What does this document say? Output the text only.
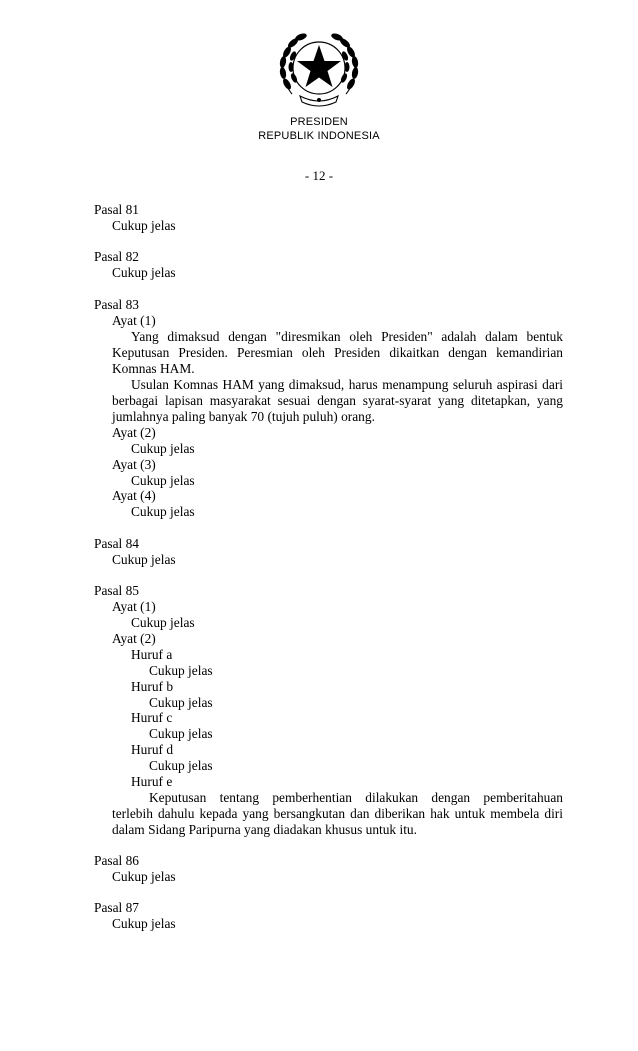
PRESIDEN
REPUBLIK INDONESIA
- 12 -
Pasal 81
Cukup jelas
Pasal 82
Cukup jelas
Pasal 83
Ayat (1)
Yang dimaksud dengan "diresmikan oleh Presiden" adalah dalam bentuk
Keputusan Presiden. Peresmian oleh Presiden dikaitkan dengan kemandirian
Komnas HAM.
Usulan Komnas HAM yang dimaksud, harus menampung seluruh aspirasi dari
berbagai lapisan masyarakat sesuai dengan syarat-syarat yang ditetapkan, yang
jumlahnya paling banyak 70 (tujuh puluh) orang.
Ayat (2)
Cukup jelas
Ayat (3)
Cukup jelas
Ayat (4)
Cukup jelas
Pasal 84
Cukup jelas
Pasal 85
Ayat (1)
Cukup jelas
Ayat (2)
Huruf a
Cukup jelas
Huruf b
Cukup jelas
Huruf c
Cukup jelas
Huruf d
Cukup jelas
Huruf e
Keputusan tentang pemberhentian dilakukan dengan pemberitahuan
terlebih dahulu kepada yang bersangkutan dan diberikan hak untuk membela diri
dalam Sidang Paripurna yang diadakan khusus untuk itu.
Pasal 86
Cukup jelas
Pasal 87
Cukup jelas
